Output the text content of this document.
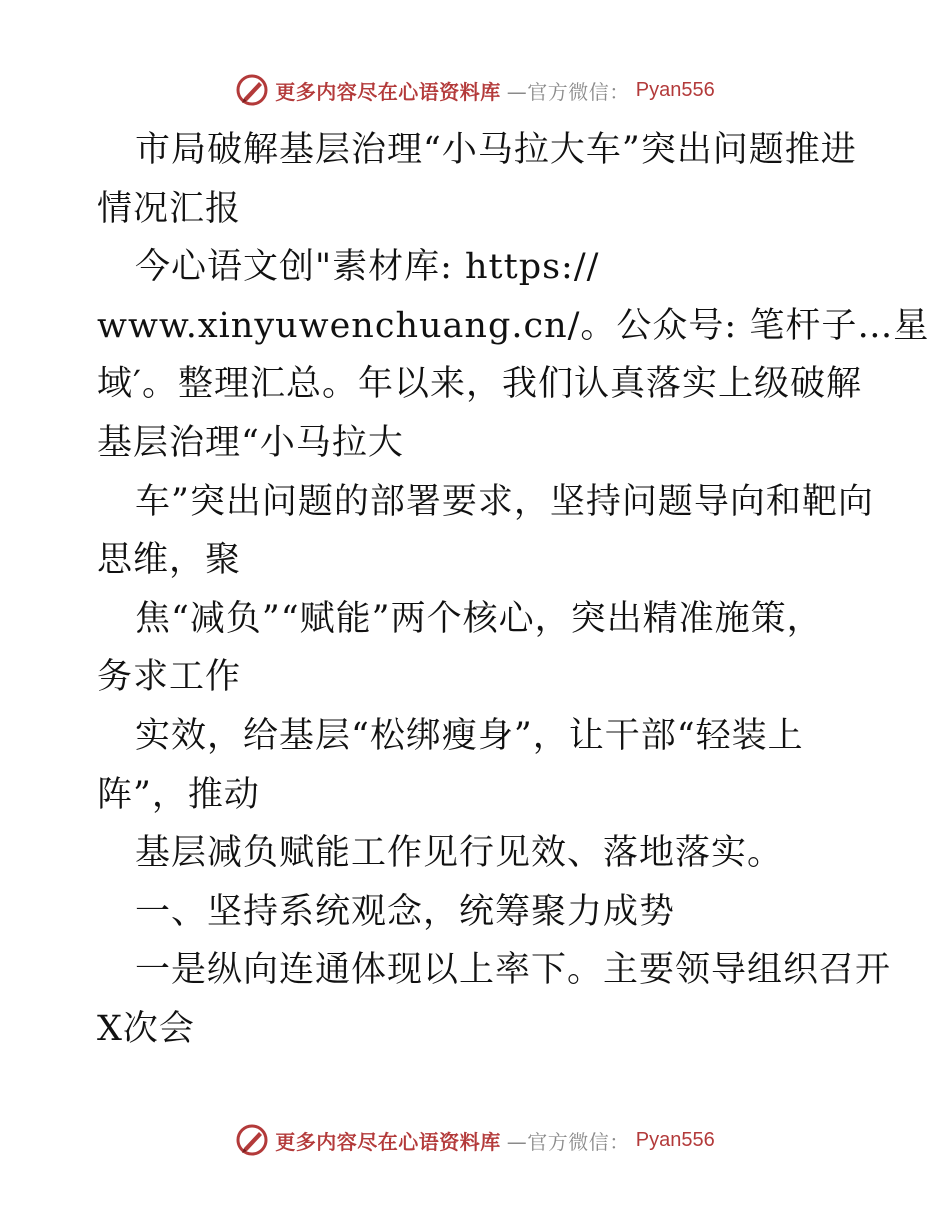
更多内容尽在心语资料库 —官方微信： Pyan556
市局破解基层治理“小马拉大车”突出问题推进
情况汇报
今心语文创"素材库: https://
www.xinyuwenchuang.cn/。公众号: 笔杆子…星
域′。整理汇总。年以来，我们认真落实上级破解
基层治理“小马拉大
车”突出问题的部署要求，坚持问题导向和靶向
思维，聚
焦“减负”“赋能”两个核心，突出精准施策，
务求工作
实效，给基层“松绑瘦身”，让干部“轻装上
阵”，推动
基层减负赋能工作见行见效、落地落实。
一、坚持系统观念，统筹聚力成势
一是纵向连通体现以上率下。主要领导组织召开
X次会
更多内容尽在心语资料库 —官方微信： Pyan556
